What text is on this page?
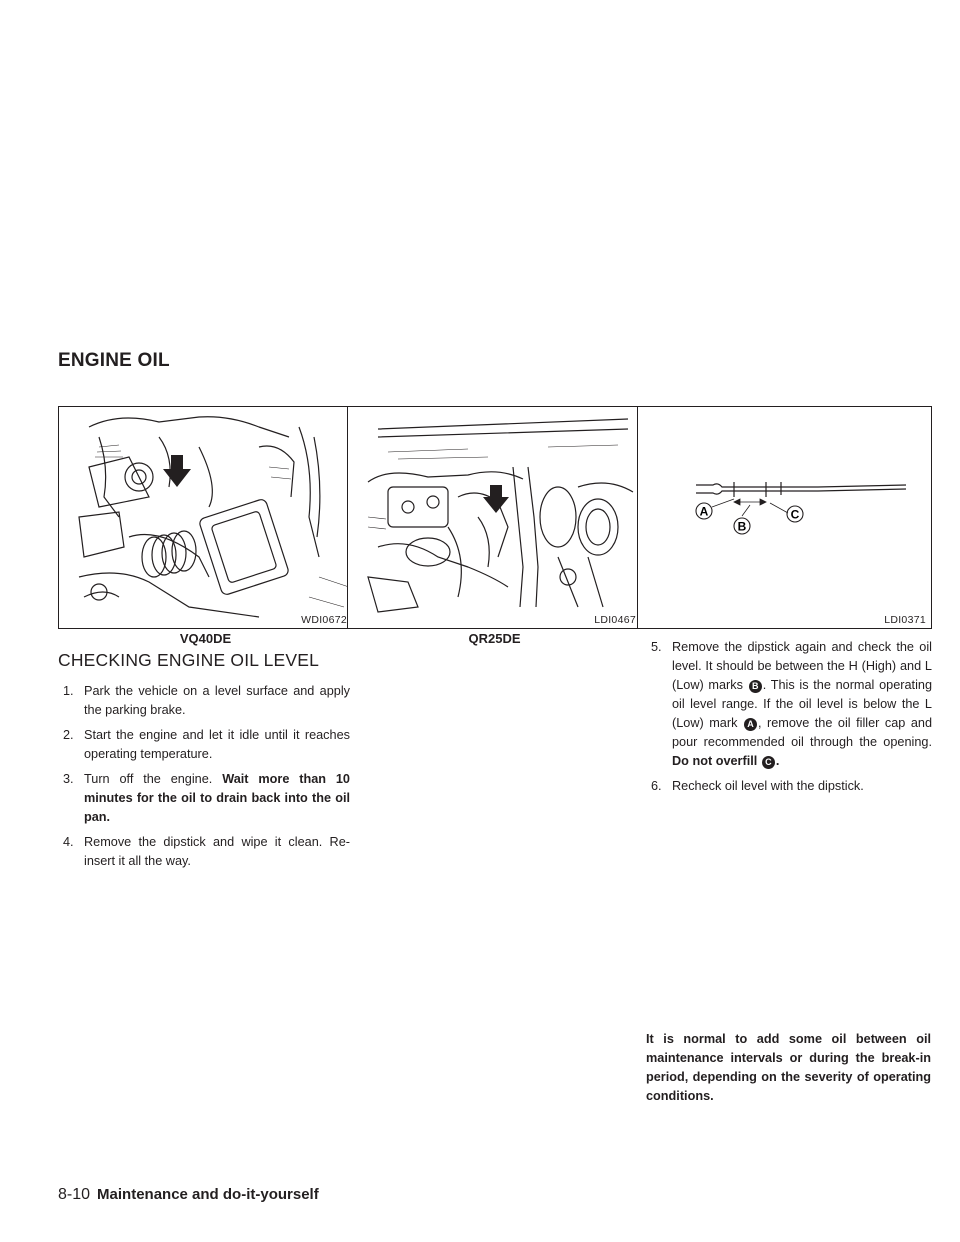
ENGINE OIL
WDI0672
VQ40DE
LDI0467
QR25DE
A
B
C
LDI0371
CHECKING ENGINE OIL LEVEL
1. Park the vehicle on a level surface and apply the parking brake.
2. Start the engine and let it idle until it reaches operating temperature.
3. Turn off the engine. Wait more than 10 minutes for the oil to drain back into the oil pan.
4. Remove the dipstick and wipe it clean. Re-insert it all the way.
5. Remove the dipstick again and check the oil level. It should be between the H (High) and L (Low) marks B . This is the normal operating oil level range. If the oil level is below the L (Low) mark A , remove the oil filler cap and pour recommended oil through the opening. Do not overfill C .
6. Recheck oil level with the dipstick.

It is normal to add some oil between oil maintenance intervals or during the break-in period, depending on the severity of operating conditions.

8-10 Maintenance and do-it-yourself
